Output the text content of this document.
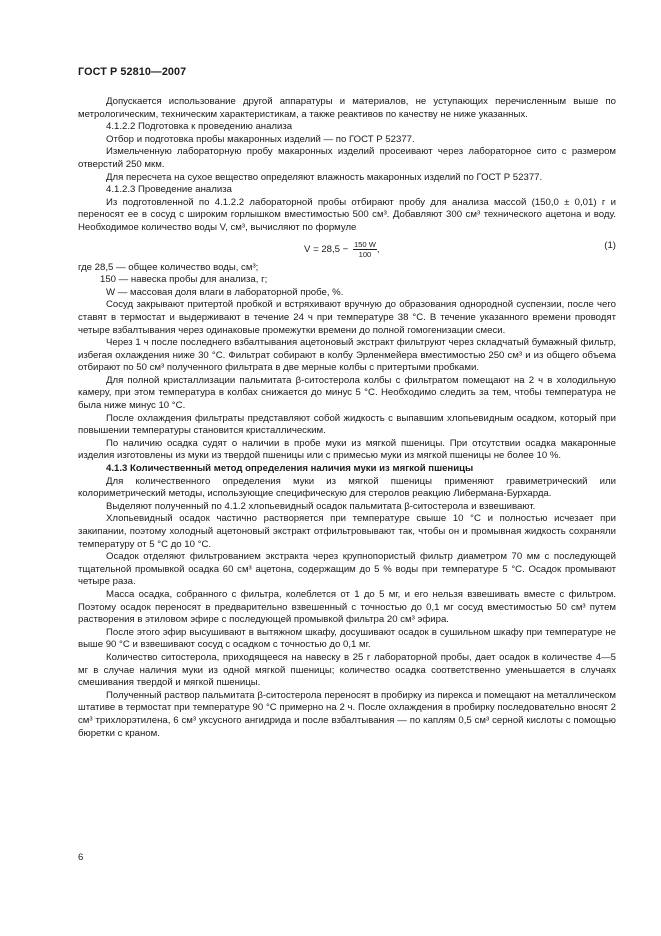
ГОСТ Р 52810—2007

Допускается использование другой аппаратуры и материалов, не уступающих перечисленным выше по метрологическим, техническим характеристикам, а также реактивов по качеству не ниже указанных.

4.1.2.2 Подготовка к проведению анализа

Отбор и подготовка пробы макаронных изделий — по ГОСТ Р 52377.

Измельченную лабораторную пробу макаронных изделий просеивают через лабораторное сито с размером отверстий 250 мкм.

Для пересчета на сухое вещество определяют влажность макаронных изделий по ГОСТ Р 52377.

4.1.2.3 Проведение анализа

Из подготовленной по 4.1.2.2 лабораторной пробы отбирают пробу для анализа массой (150,0 ± 0,01) г и переносят ее в сосуд с широким горлышком вместимостью 500 см³. Добавляют 300 см³ технического ацетона и воду. Необходимое количество воды V, см³, вычисляют по формуле

$V = 28,5 - \frac{150 W}{100}$ ,	(1)

где 28,5 — общее количество воды, см³;

150 — навеска пробы для анализа, г;

W — массовая доля влаги в лабораторной пробе, %.

Сосуд закрывают притертой пробкой и встряхивают вручную до образования однородной суспензии, после чего ставят в термостат и выдерживают в течение 24 ч при температуре 38 °С. В течение указанного времени проводят четыре взбалтывания через одинаковые промежутки времени до полной гомогенизации смеси.

Через 1 ч после последнего взбалтывания ацетоновый экстракт фильтруют через складчатый бумажный фильтр, избегая охлаждения ниже 30 °С. Фильтрат собирают в колбу Эрленмейера вместимостью 250 см³ и из общего объема отбирают по 50 см³ полученного фильтрата в две мерные колбы с притертыми пробками.

Для полной кристаллизации пальмитата β-ситостерола колбы с фильтратом помещают на 2 ч в холодильную камеру, при этом температура в колбах снижается до минус 5 °С. Необходимо следить за тем, чтобы температура не была ниже минус 10 °С.

После охлаждения фильтраты представляют собой жидкость с выпавшим хлопьевидным осадком, который при повышении температуры становится кристаллическим.

По наличию осадка судят о наличии в пробе муки из мягкой пшеницы. При отсутствии осадка макаронные изделия изготовлены из муки из твердой пшеницы или с примесью муки из мягкой пшеницы не более 10 %.

4.1.3 Количественный метод определения наличия муки из мягкой пшеницы

Для количественного определения муки из мягкой пшеницы применяют гравиметрический или колориметрический методы, использующие специфическую для стеролов реакцию Либермана-Бурхарда.

Выделяют полученный по 4.1.2 хлопьевидный осадок пальмитата β-ситостерола и взвешивают.

Хлопьевидный осадок частично растворяется при температуре свыше 10 °С и полностью исчезает при закипании, поэтому холодный ацетоновый экстракт отфильтровывают так, чтобы он и промывная жидкость сохраняли температуру от 5 °С до 10 °С.

Осадок отделяют фильтрованием экстракта через крупнопористый фильтр диаметром 70 мм с последующей тщательной промывкой осадка 60 см³ ацетона, содержащим до 5 % воды при температуре 5 °С. Осадок промывают четыре раза.

Масса осадка, собранного с фильтра, колеблется от 1 до 5 мг, и его нельзя взвешивать вместе с фильтром. Поэтому осадок переносят в предварительно взвешенный с точностью до 0,1 мг сосуд вместимостью 50 см³ путем растворения в этиловом эфире с последующей промывкой фильтра 20 см³ эфира.

После этого эфир высушивают в вытяжном шкафу, досушивают осадок в сушильном шкафу при температуре не выше 90 °С и взвешивают сосуд с осадком с точностью до 0,1 мг.

Количество ситостерола, приходящееся на навеску в 25 г лабораторной пробы, дает осадок в количестве 4—5 мг в случае наличия муки из одной мягкой пшеницы; количество осадка соответственно уменьшается в случаях смешивания твердой и мягкой пшеницы.

Полученный раствор пальмитата β-ситостерола переносят в пробирку из пирекса и помещают на металлическом штативе в термостат при температуре 90 °С примерно на 2 ч. После охлаждения в пробирку последовательно вносят 2 см³ трихлорэтилена, 6 см³ уксусного ангидрида и после взбалтывания — по каплям 0,5 см³ серной кислоты с помощью бюретки с краном.

6
